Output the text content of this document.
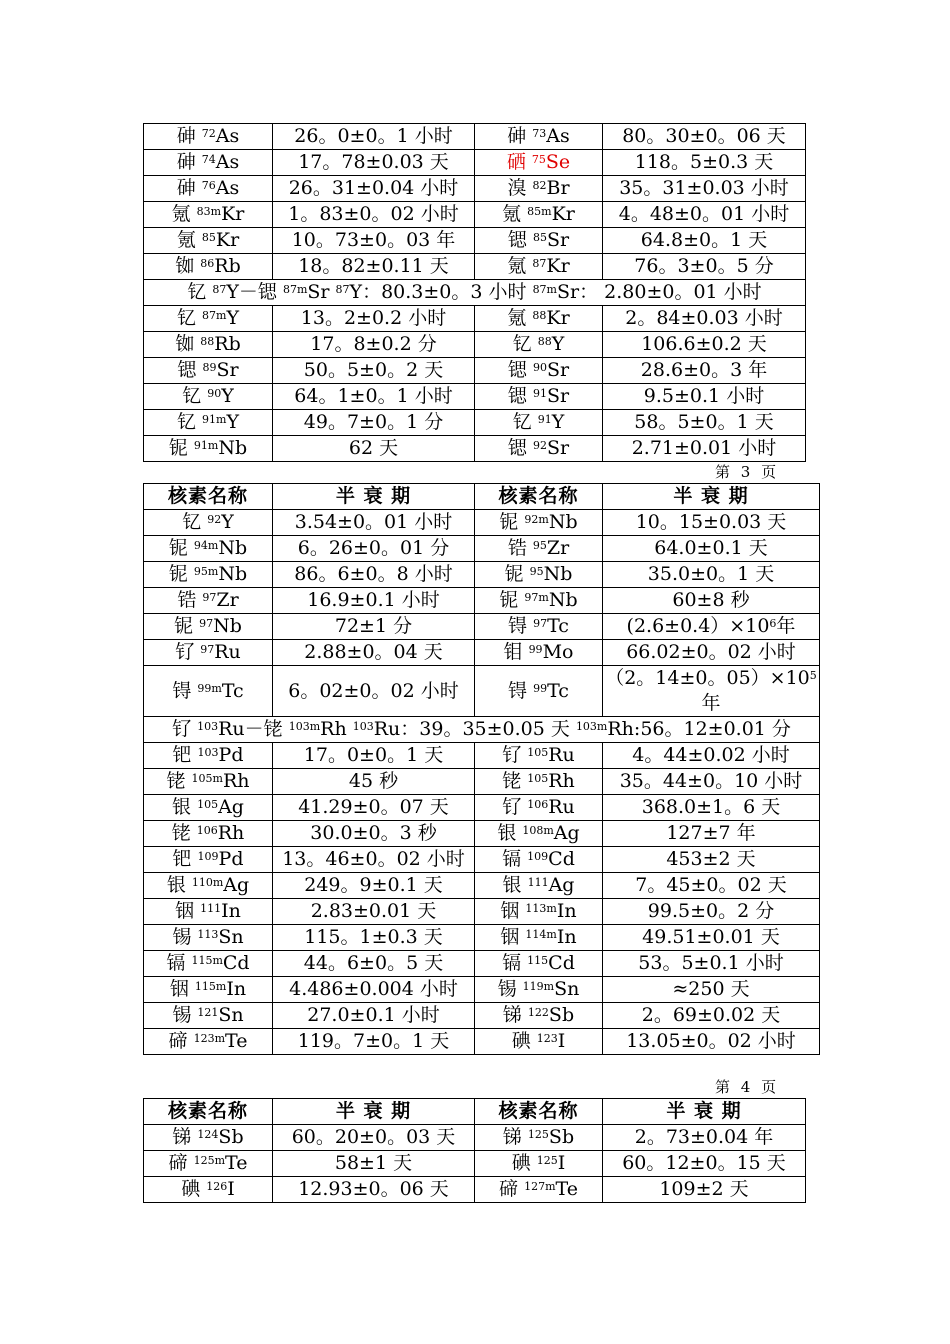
砷 $^{72}$As	26。0±0。1 小时	砷 $^{73}$As	80。30±0。06 天
砷 $^{74}$As	17。78±0.03 天	硒 $^{75}$Se	118。5±0.3 天
砷 $^{76}$As	26。31±0.04 小时	溴 $^{82}$Br	35。31±0.03 小时
氪 $^{83m}$Kr	1。83±0。02 小时	氪 $^{85m}$Kr	4。48±0。01 小时
氪 $^{85}$Kr	10。73±0。03 年	锶 $^{85}$Sr	64.8±0。1 天
铷 $^{86}$Rb	18。82±0.11 天	氪 $^{87}$Kr	76。3±0。5 分
钇 $^{87}$Y－锶 $^{87m}$Sr $^{87}$Y：80.3±0。3 小时 $^{87m}$Sr： 2.80±0。01 小时			
钇 $^{87m}$Y	13。2±0.2 小时	氪 $^{88}$Kr	2。84±0.03 小时
铷 $^{88}$Rb	17。8±0.2 分	钇 $^{88}$Y	106.6±0.2 天
锶 $^{89}$Sr	50。5±0。2 天	锶 $^{90}$Sr	28.6±0。3 年
钇 $^{90}$Y	64。1±0。1 小时	锶 $^{91}$Sr	9.5±0.1 小时
钇 $^{91m}$Y	49。7±0。1 分	钇 $^{91}$Y	58。5±0。1 天
铌 $^{91m}$Nb	62 天	锶 $^{92}$Sr	2.71±0.01 小时
第 3 页
核素名称	半 衰 期	核素名称	半 衰 期
钇 $^{92}$Y	3.54±0。01 小时	铌 $^{92m}$Nb	10。15±0.03 天
铌 $^{94m}$Nb	6。26±0。01 分	锆 $^{95}$Zr	64.0±0.1 天
铌 $^{95m}$Nb	86。6±0。8 小时	铌 $^{95}$Nb	35.0±0。1 天
锆 $^{97}$Zr	16.9±0.1 小时	铌 $^{97m}$Nb	60±8 秒
铌 $^{97}$Nb	72±1 分	锝 $^{97}$Tc	$(2.6\pm 0.4)\times 10^6$年
钌 $^{97}$Ru	2.88±0。04 天	钼 $^{99}$Mo	66.02±0。02 小时
锝 $^{99m}$Tc	6。02±0。02 小时	锝 $^{99}$Tc	（2。14±0。$05)\times 10^5$年
钌 $^{103}$Ru－铑 $^{103m}$Rh $^{103}$Ru：39。35±0.05 天 $^{103m}$Rh:56。12±0.01 分			
钯 $^{103}$Pd	17。0±0。1 天	钌 $^{105}$Ru	4。44±0.02 小时
铑 $^{105m}$Rh	45 秒	铑 $^{105}$Rh	35。44±0。10 小时
银 $^{105}$Ag	41.29±0。07 天	钌 $^{106}$Ru	368.0±1。6 天
铑 $^{106}$Rh	30.0±0。3 秒	银 $^{108m}$Ag	127±7 年
钯 $^{109}$Pd	13。46±0。02 小时	镉 $^{109}$Cd	453±2 天
银 $^{110m}$Ag	249。9±0.1 天	银 $^{111}$Ag	7。45±0。02 天
铟 $^{111}$In	2.83±0.01 天	铟 $^{113m}$In	99.5±0。2 分
锡 $^{113}$Sn	115。1±0.3 天	铟 $^{114m}$In	49.51±0.01 天
镉 $^{115m}$Cd	44。6±0。5 天	镉 $^{115}$Cd	53。5±0.1 小时
铟 $^{115m}$In	4.486±0.004 小时	锡 $^{119m}$Sn	≈250 天
锡 $^{121}$Sn	27.0±0.1 小时	锑 $^{122}$Sb	2。69±0.02 天
碲 $^{123m}$Te	119。7±0。1 天	碘 $^{123}$I	13.05±0。02 小时
第 4 页
核素名称	半 衰 期	核素名称	半 衰 期
锑 $^{124}$Sb	60。20±0。03 天	锑 $^{125}$Sb	2。73±0.04 年
碲 $^{125m}$Te	58±1 天	碘 $^{125}$I	60。12±0。15 天
碘 $^{126}$I	12.93±0。06 天	碲 $^{127m}$Te	109±2 天
